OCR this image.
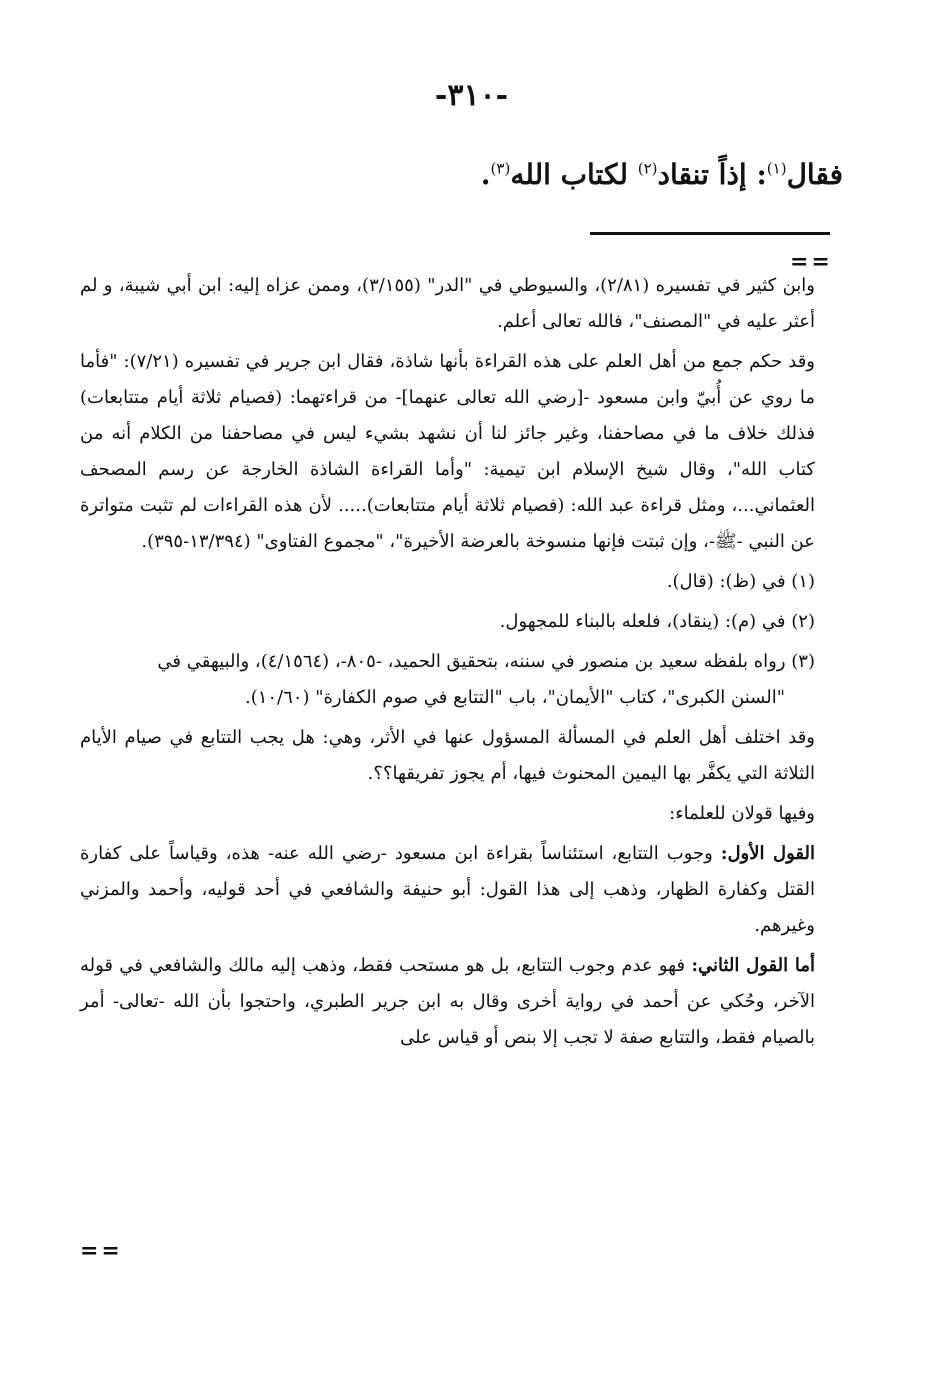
-٣١٠-
فقال$^{(١)}$: إذاً تنقاد$^{(٢)}$ لكتاب الله$^{(٣)}$.
==

وابن كثير في تفسيره (٢/٨١)، والسيوطي في "الدر" (٣/١٥٥)، وممن عزاه إليه: ابن أبي شيبة، و لم أعثر عليه في "المصنف"، فالله تعالى أعلم.

وقد حكم جمع من أهل العلم على هذه القراءة بأنها شاذة، فقال ابن جرير في تفسيره (٧/٢١): "فأما ما روي عن أُبيّ وابن مسعود -[رضي الله تعالى عنهما]- من قراءتهما: (فصيام ثلاثة أيام متتابعات) فذلك خلاف ما في مصاحفنا، وغير جائز لنا أن نشهد بشيء ليس في مصاحفنا من الكلام أنه من كتاب الله"، وقال شيخ الإسلام ابن تيمية: "وأما القراءة الشاذة الخارجة عن رسم المصحف العثماني...، ومثل قراءة عبد الله: (فصيام ثلاثة أيام متتابعات)..... لأن هذه القراءات لم تثبت متواترة عن النبي -ﷺ-، وإن ثبتت فإنها منسوخة بالعرضة الأخيرة"، "مجموع الفتاوى" (١٣/٣٩٤-٣٩٥).

(١) في (ظ): (قال).

(٢) في (م): (ينقاد)، فلعله بالبناء للمجهول.

(٣) رواه بلفظه سعيد بن منصور في سننه، بتحقيق الحميد، -٨٠٥-، (٤/١٥٦٤)، والبيهقي في

"السنن الكبرى"، كتاب "الأيمان"، باب "التتابع في صوم الكفارة" (١٠/٦٠).

وقد اختلف أهل العلم في المسألة المسؤول عنها في الأثر، وهي: هل يجب التتابع في صيام الأيام الثلاثة التي يكفَّر بها اليمين المحنوث فيها، أم يجوز تفريقها؟؟.

وفيها قولان للعلماء:

القول الأول: وجوب التتابع، استئناساً بقراءة ابن مسعود -رضي الله عنه- هذه، وقياساً على كفارة القتل وكفارة الظهار، وذهب إلى هذا القول: أبو حنيفة والشافعي في أحد قوليه، وأحمد والمزني وغيرهم.

أما القول الثاني: فهو عدم وجوب التتابع، بل هو مستحب فقط، وذهب إليه مالك والشافعي في قوله الآخر، وحُكي عن أحمد في رواية أخرى وقال به ابن جرير الطبري، واحتجوا بأن الله -تعالى- أمر بالصيام فقط، والتتابع صفة لا تجب إلا بنص أو قياس على

==
